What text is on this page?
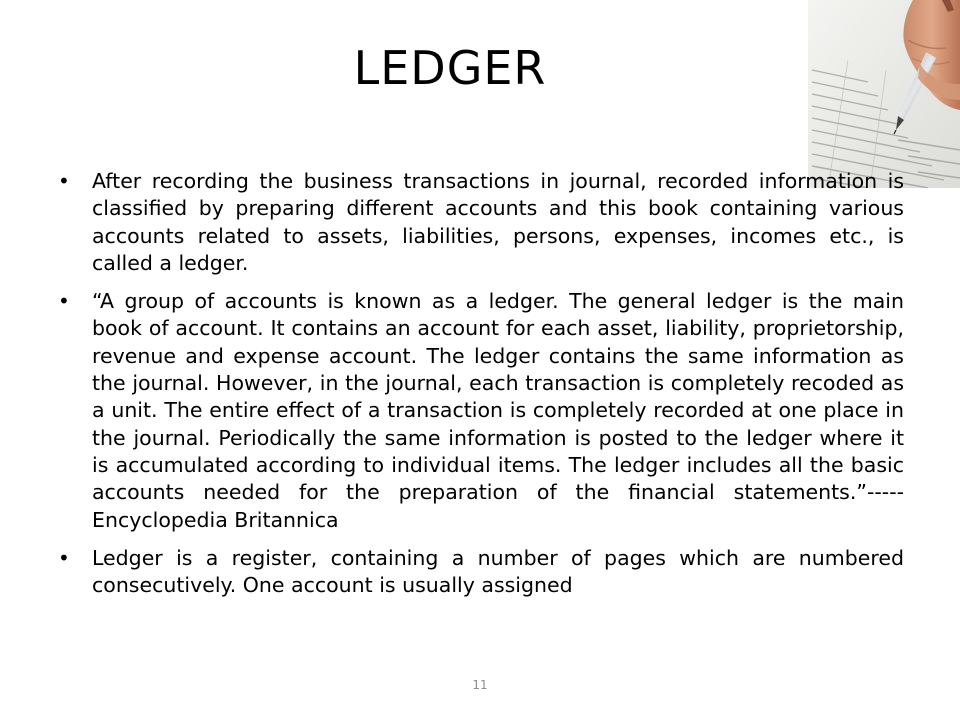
LEDGER
• After recording the business transactions in journal, recorded information is classified by preparing different accounts and this book containing various accounts related to assets, liabilities, persons, expenses, incomes etc., is called a ledger.
• “A group of accounts is known as a ledger. The general ledger is the main book of account. It contains an account for each asset, liability, proprietorship, revenue and expense account. The ledger contains the same information as the journal. However, in the journal, each transaction is completely recoded as a unit. The entire effect of a transaction is completely recorded at one place in the journal. Periodically the same information is posted to the ledger where it is accumulated according to individual items. The ledger includes all the basic accounts needed for the preparation of the financial statements.”-----Encyclopedia Britannica
• Ledger is a register, containing a number of pages which are numbered consecutively. One account is usually assigned
11
